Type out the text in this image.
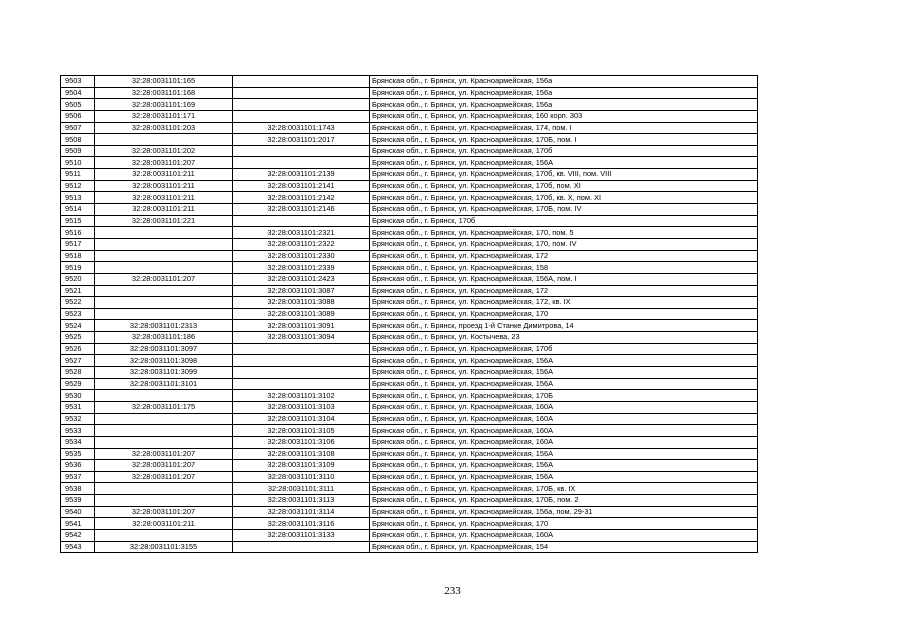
9503	32:28:0031101:165		Брянская обл., г. Брянск, ул. Красноармейская, 156а
9504	32:28:0031101:168		Брянская обл., г. Брянск, ул. Красноармейская, 156а
9505	32:28:0031101:169		Брянская обл., г. Брянск, ул. Красноармейская, 156а
9506	32:28:0031101:171		Брянская обл., г. Брянск, ул. Красноармейская, 160 корп. 303
9507	32:28:0031101:203	32:28:0031101:1743	Брянская обл., г. Брянск, ул. Красноармейская, 174, пом. I
9508		32:28:0031101:2017	Брянская обл., г. Брянск, ул. Красноармейская, 170Б, пом. I
9509	32:28:0031101:202		Брянская обл., г. Брянск, ул. Красноармейская, 170б
9510	32:28:0031101:207		Брянская обл., г. Брянск, ул. Красноармейская, 156А
9511	32:28:0031101:211	32:28:0031101:2139	Брянская обл., г. Брянск, ул. Красноармейская, 170б, кв. VIII, пом. VIII
9512	32:28:0031101:211	32:28:0031101:2141	Брянская обл., г. Брянск, ул. Красноармейская, 170б, пом. XI
9513	32:28:0031101:211	32:28:0031101:2142	Брянская обл., г. Брянск, ул. Красноармейская, 170б, кв. X, пом. XI
9514	32:28:0031101:211	32:28:0031101:2146	Брянская обл., г. Брянск, ул. Красноармейская, 170Б, пом. IV
9515	32:28:0031101:221		Брянская обл., г. Брянск, 170б
9516		32:28:0031101:2321	Брянская обл., г. Брянск, ул. Красноармейская, 170, пом. 5
9517		32:28:0031101:2322	Брянская обл., г. Брянск, ул. Красноармейская, 170, пом. IV
9518		32:28:0031101:2330	Брянская обл., г. Брянск, ул. Красноармейская, 172
9519		32:28:0031101:2339	Брянская обл., г. Брянск, ул. Красноармейская, 158
9520	32:28:0031101:207	32:28:0031101:2423	Брянская обл., г. Брянск, ул. Красноармейская, 156А, пом. I
9521		32:28:0031101:3087	Брянская обл., г. Брянск, ул. Красноармейская, 172
9522		32:28:0031101:3088	Брянская обл., г. Брянск, ул. Красноармейская, 172, кв. IX
9523		32:28:0031101:3089	Брянская обл., г. Брянск, ул. Красноармейская, 170
9524	32:28:0031101:2313	32:28:0031101:3091	Брянская обл., г. Брянск, проезд 1-й Станке Димитрова, 14
9525	32:28:0031101:186	32:28:0031101:3094	Брянская обл., г. Брянск, ул. Костычева, 23
9526	32:28:0031101:3097		Брянская обл., г. Брянск, ул. Красноармейская, 170б
9527	32:28:0031101:3098		Брянская обл., г. Брянск, ул. Красноармейская, 156А
9528	32:28:0031101:3099		Брянская обл., г. Брянск, ул. Красноармейская, 156А
9529	32:28:0031101:3101		Брянская обл., г. Брянск, ул. Красноармейская, 156А
9530		32:28:0031101:3102	Брянская обл., г. Брянск, ул. Красноармейская, 170Б
9531	32:28:0031101:175	32:28:0031101:3103	Брянская обл., г. Брянск, ул. Красноармейская, 160А
9532		32:28:0031101:3104	Брянская обл., г. Брянск, ул. Красноармейская, 160А
9533		32:28:0031101:3105	Брянская обл., г. Брянск, ул. Красноармейская, 160А
9534		32:28:0031101:3106	Брянская обл., г. Брянск, ул. Красноармейская, 160А
9535	32:28:0031101:207	32:28:0031101:3108	Брянская обл., г. Брянск, ул. Красноармейская, 156А
9536	32:28:0031101:207	32:28:0031101:3109	Брянская обл., г. Брянск, ул. Красноармейская, 156А
9537	32:28:0031101:207	32:28:0031101:3110	Брянская обл., г. Брянск, ул. Красноармейская, 156А
9538		32:28:0031101:3111	Брянская обл., г. Брянск, ул. Красноармейская, 170Б, кв. IX
9539		32:28:0031101:3113	Брянская обл., г. Брянск, ул. Красноармейская, 170Б, пом. 2
9540	32:28:0031101:207	32:28:0031101:3114	Брянская обл., г. Брянск, ул. Красноармейская, 156а, пом. 29-31
9541	32:28:0031101:211	32:28:0031101:3116	Брянская обл., г. Брянск, ул. Красноармейская, 170
9542		32:28:0031101:3133	Брянская обл., г. Брянск, ул. Красноармейская, 160А
9543	32:28:0031101:3155		Брянская обл., г. Брянск, ул. Красноармейская, 154
233
